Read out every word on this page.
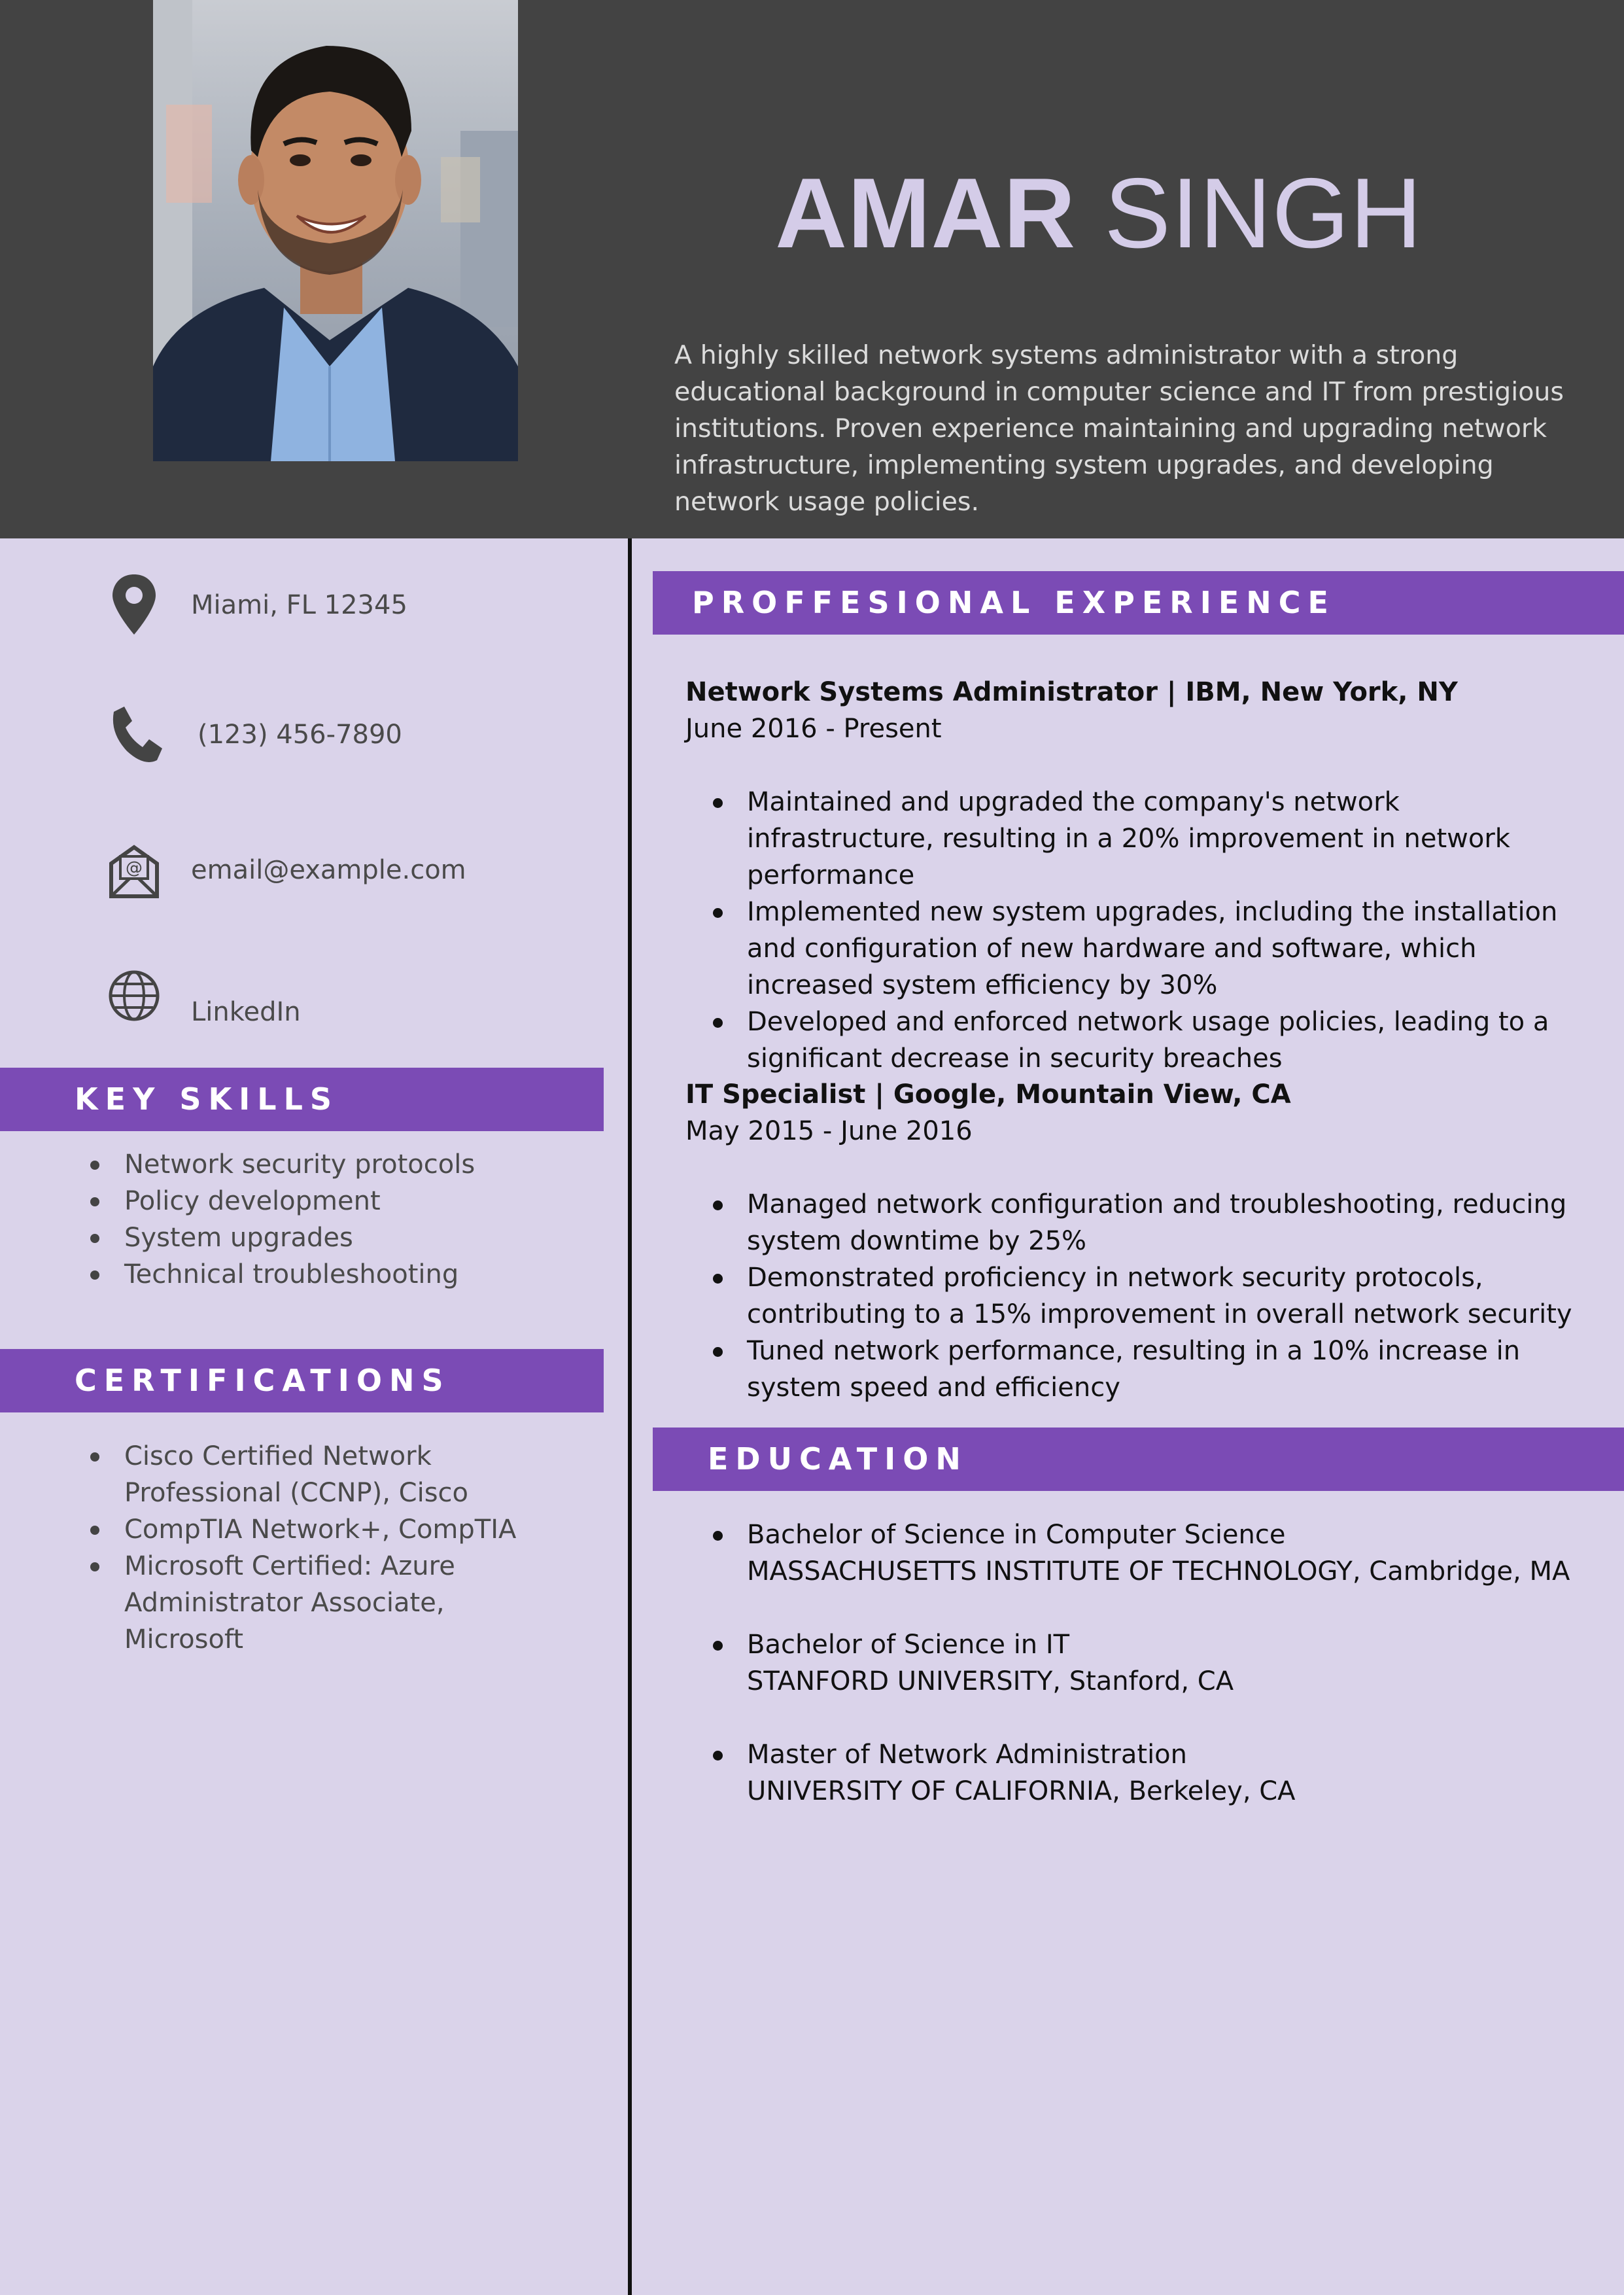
AMAR SINGH
A highly skilled network systems administrator with a strong educational background in computer science and IT from prestigious institutions. Proven experience maintaining and upgrading network infrastructure, implementing system upgrades, and developing network usage policies.
Miami, FL 12345
(123) 456-7890
@ email@example.com
LinkedIn
KEY SKILLS
Network security protocols
Policy development
System upgrades
Technical troubleshooting
CERTIFICATIONS
Cisco Certified Network Professional (CCNP), Cisco
CompTIA Network+, CompTIA
Microsoft Certified: Azure Administrator Associate, Microsoft
PROFFESIONAL EXPERIENCE
Network Systems Administrator | IBM, New York, NY
June 2016 - Present
Maintained and upgraded the company's network infrastructure, resulting in a 20% improvement in network performance
Implemented new system upgrades, including the installation and configuration of new hardware and software, which increased system efficiency by 30%
Developed and enforced network usage policies, leading to a significant decrease in security breaches
IT Specialist | Google, Mountain View, CA
May 2015 - June 2016
Managed network configuration and troubleshooting, reducing system downtime by 25%
Demonstrated proficiency in network security protocols, contributing to a 15% improvement in overall network security
Tuned network performance, resulting in a 10% increase in system speed and efficiency
EDUCATION
Bachelor of Science in Computer Science
MASSACHUSETTS INSTITUTE OF TECHNOLOGY, Cambridge, MA
Bachelor of Science in IT
STANFORD UNIVERSITY, Stanford, CA
Master of Network Administration
UNIVERSITY OF CALIFORNIA, Berkeley, CA
